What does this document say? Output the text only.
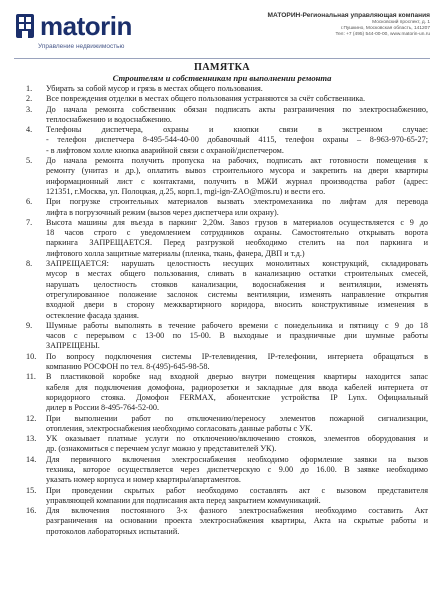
matorin
Управление недвижимостью
МАТОРИН-Региональная управляющая компания
Московский проспект, д. 1
г.Пушкино, Московская область, 141207
Тел: +7 (495) 544-00-00, www.matorin-un.ru
ПАМЯТКА
Строителям и собственникам при выполнении ремонта
1.	Убирать за собой мусор и грязь в местах общего пользования.
2.	Все повреждения отделки в местах общего пользования устраняются за счёт собственника.
3.	До начала ремонта собственник обязан подписать акты разграничения по электроснабжению,
теплоснабжению и водоснабжению.
4.	Телефоны диспетчера, охраны и кнопки связи в экстренном случае:
- телефон диспетчера 8-495-544-40-00 добавочный 4115, телефон охраны – 8-963-970-65-27;
- в лифтовом холле кнопка аварийной связи с охраной/диспетчером.
5.	До начала ремонта получить пропуска на рабочих, подписать акт готовности помещения к
ремонту (унитаз и др.), оплатить вывоз строительного мусора и закрепить на двери квартиры
информационный лист с контактами, получить в МЖИ журнал производства работ (адрес:
121351, г.Москва, ул. Полоцкая, д.25, корп.1, mgi-ign-ZAO@mos.ru) и вести его.
6.	При погрузке строительных материалов вызвать электромеханика по лифтам для перевода
лифта в погрузочный режим (вызов через диспетчера или охрану).
7.	Высота машины для въезда в паркинг 2,20м. Завоз грузов в материалов осуществляется с 9 до
18 часов строго с уведомлением сотрудников охраны. Самостоятельно открывать ворота
паркинга ЗАПРЕЩАЕТСЯ. Перед разгрузкой необходимо стелить на пол паркинга и
лифтового холла защитные материалы (пленка, ткань, фанера, ДВП и т.д.)
8.	ЗАПРЕЩАЕТСЯ: нарушать целостность несущих монолитных конструкций, складировать
мусор в местах общего пользования, сливать в канализацию остатки строительных смесей,
нарушать целостность стояков канализации, водоснабжения и вентиляции, изменять
отрегулированное положение заслонок системы вентиляции, изменять направление открытия
входной двери в сторону межквартирного коридора, вносить конструктивные изменения в
остекление фасада здания.
9.	Шумные работы выполнять в течение рабочего времени с понедельника и пятницу с 9 до 18
часов с перерывом с 13-00 по 15-00. В выходные и праздничные дни шумные работы
ЗАПРЕЩЕНЫ.
10.	По вопросу подключения системы IP-телевидения, IP-телефонии, интернета обращаться в
компанию РОСФОН по тел. 8-(495)-645-98-58.
11.	В пластиковой коробке над входной дверью внутри помещения квартиры находится запас
кабеля для подключения домофона, радиорозетки и закладные для ввода кабелей интернета от
коридорного стояка. Домофон FERMAX, абонентские устройства IP Lynx. Официальный
дилер в России 8-495-764-52-00.
12.	При выполнении работ по отключению/переносу элементов пожарной сигнализации,
отопления, электроснабжения необходимо согласовать данные работы с УК.
13.	УК оказывает платные услуги по отключению/включению стояков, элементов оборудования и
др. (ознакомиться с перечнем услуг можно у представителей УК).
14.	Для первичного включения электроснабжения необходимо оформление заявки на вызов
техника, которое осуществляется через диспетчерскую с 9.00 до 16.00. В заявке необходимо
указать номер корпуса и номер квартиры/апартаментов.
15.	При проведении скрытых работ необходимо составлять акт с вызовом представителя
управляющей компании для подписания акта перед закрытием коммуникаций.
16.	Для включения постоянного 3-х фазного электроснабжения необходимо составить Акт
разграничения на основании проекта электроснабжения квартиры, Акта на скрытые работы и
протоколов лабораторных испытаний.
